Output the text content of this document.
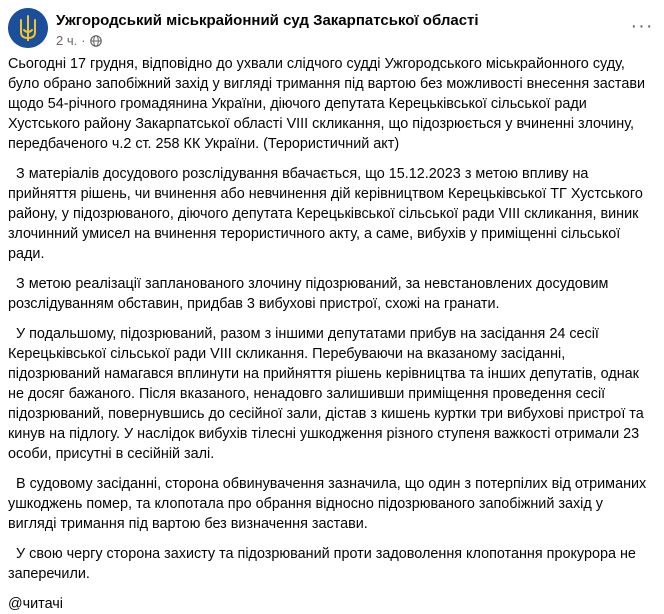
Ужгородський міськрайонний суд Закарпатської області
2 ч. ·
···

Сьогодні 17 грудня, відповідно до ухвали слідчого судді Ужгородського міськрайонного суду, було обрано запобіжний захід у вигляді тримання під вартою без можливості внесення застави щодо 54-річного громадянина України, діючого депутата Керецьківської сільської ради Хустського району Закарпатської області VIII скликання, що підозрюється у вчиненні злочину, передбаченого ч.2 ст. 258 КК України. (Терористичний акт)

З матеріалів досудового розслідування вбачається, що 15.12.2023 з метою впливу на прийняття рішень, чи вчинення або невчинення дій керівництвом Керецьківської ТГ Хустського району, у підозрюваного, діючого депутата Керецьківської сільської ради VIII скликання, виник злочинний умисел на вчинення терористичного акту, а саме, вибухів у приміщенні сільської ради.

З метою реалізації запланованого злочину підозрюваний, за невстановлених досудовим розслідуванням обставин, придбав 3 вибухові пристрої, схожі на гранати.

У подальшому, підозрюваний, разом з іншими депутатами прибув на засідання 24 сесії Керецьківської сільської ради VIII скликання. Перебуваючи на вказаному засіданні, підозрюваний намагався вплинути на прийняття рішень керівництва та інших депутатів, однак не досяг бажаного. Після вказаного, ненадовго залишивши приміщення проведення сесії підозрюваний, повернувшись до сесійної зали, дістав з кишень куртки три вибухові пристрої та кинув на підлогу. У наслідок вибухів тілесні ушкодження різного ступеня важкості отримали 23 особи, присутні в сесійній залі.

В судовому засіданні, сторона обвинувачення зазначила, що один з потерпілих від отриманих ушкоджень помер, та клопотала про обрання відносно підозрюваного запобіжний захід у вигляді тримання під вартою без визначення застави.

У свою чергу сторона захисту та підозрюваний проти задоволення клопотання прокурора не заперечили.

@читачі
